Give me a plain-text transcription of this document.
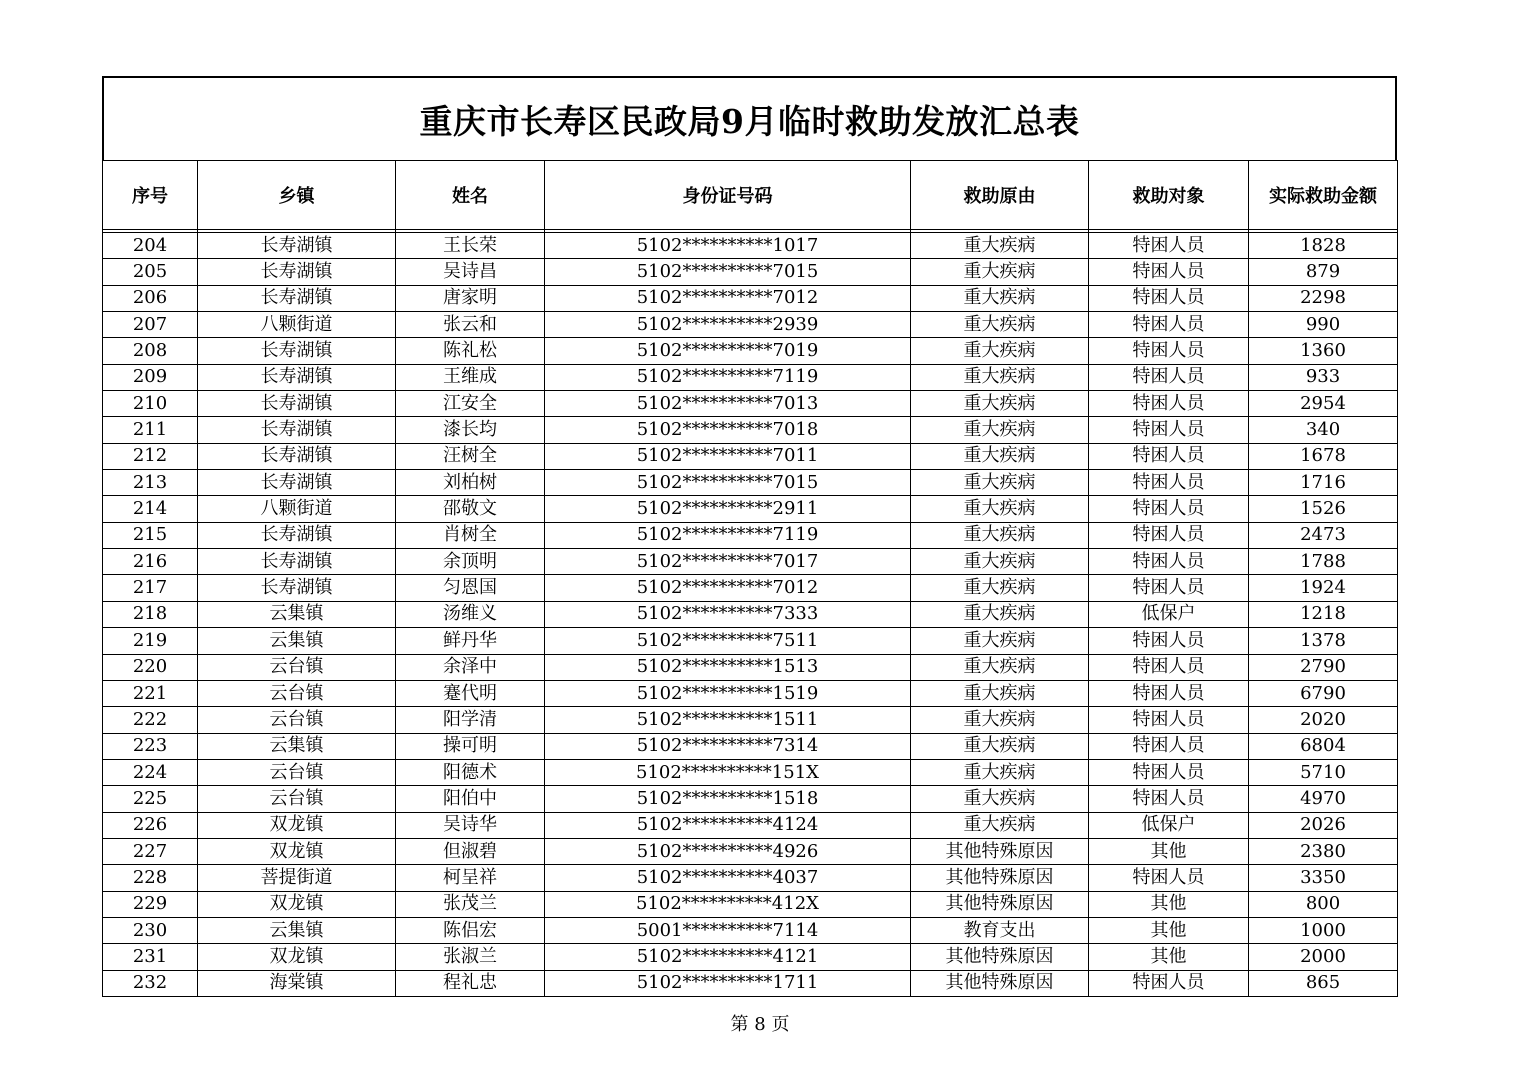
重庆市长寿区民政局9月临时救助发放汇总表
序号	乡镇	姓名	身份证号码	救助原由	救助对象	实际救助金额

204	长寿湖镇	王长荣	5102**********1017	重大疾病	特困人员	1828
205	长寿湖镇	吴诗昌	5102**********7015	重大疾病	特困人员	879
206	长寿湖镇	唐家明	5102**********7012	重大疾病	特困人员	2298
207	八颗街道	张云和	5102**********2939	重大疾病	特困人员	990
208	长寿湖镇	陈礼松	5102**********7019	重大疾病	特困人员	1360
209	长寿湖镇	王维成	5102**********7119	重大疾病	特困人员	933
210	长寿湖镇	江安全	5102**********7013	重大疾病	特困人员	2954
211	长寿湖镇	漆长均	5102**********7018	重大疾病	特困人员	340
212	长寿湖镇	汪树全	5102**********7011	重大疾病	特困人员	1678
213	长寿湖镇	刘柏树	5102**********7015	重大疾病	特困人员	1716
214	八颗街道	邵敬文	5102**********2911	重大疾病	特困人员	1526
215	长寿湖镇	肖树全	5102**********7119	重大疾病	特困人员	2473
216	长寿湖镇	余顶明	5102**********7017	重大疾病	特困人员	1788
217	长寿湖镇	匀恩国	5102**********7012	重大疾病	特困人员	1924
218	云集镇	汤维义	5102**********7333	重大疾病	低保户	1218
219	云集镇	鲜丹华	5102**********7511	重大疾病	特困人员	1378
220	云台镇	余泽中	5102**********1513	重大疾病	特困人员	2790
221	云台镇	蹇代明	5102**********1519	重大疾病	特困人员	6790
222	云台镇	阳学清	5102**********1511	重大疾病	特困人员	2020
223	云集镇	操可明	5102**********7314	重大疾病	特困人员	6804
224	云台镇	阳德术	5102**********151X	重大疾病	特困人员	5710
225	云台镇	阳伯中	5102**********1518	重大疾病	特困人员	4970
226	双龙镇	吴诗华	5102**********4124	重大疾病	低保户	2026
227	双龙镇	但淑碧	5102**********4926	其他特殊原因	其他	2380
228	菩提街道	柯呈祥	5102**********4037	其他特殊原因	特困人员	3350
229	双龙镇	张茂兰	5102**********412X	其他特殊原因	其他	800
230	云集镇	陈侣宏	5001**********7114	教育支出	其他	1000
231	双龙镇	张淑兰	5102**********4121	其他特殊原因	其他	2000
232	海棠镇	程礼忠	5102**********1711	其他特殊原因	特困人员	865
第 8 页
